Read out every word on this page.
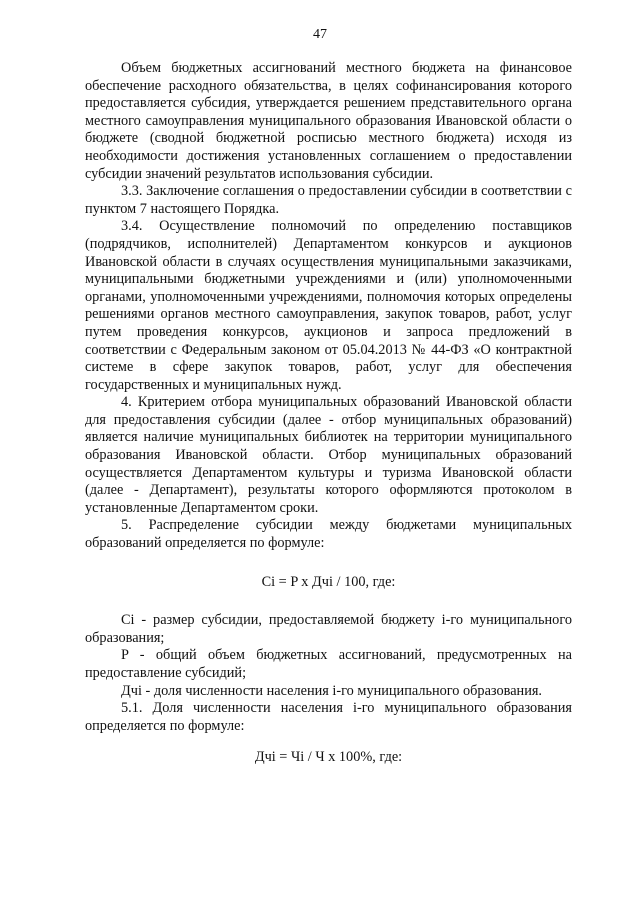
47

Объем бюджетных ассигнований местного бюджета на финансовое обеспечение расходного обязательства, в целях софинансирования которого предоставляется субсидия, утверждается решением представительного органа местного самоуправления муниципального образования Ивановской области о бюджете (сводной бюджетной росписью местного бюджета) исходя из необходимости достижения установленных соглашением о предоставлении субсидии значений результатов использования субсидии.

3.3. Заключение соглашения о предоставлении субсидии в соответствии с пунктом 7 настоящего Порядка.

3.4. Осуществление полномочий по определению поставщиков (подрядчиков, исполнителей) Департаментом конкурсов и аукционов Ивановской области в случаях осуществления муниципальными заказчиками, муниципальными бюджетными учреждениями и (или) уполномоченными органами, уполномоченными учреждениями, полномочия которых определены решениями органов местного самоуправления, закупок товаров, работ, услуг путем проведения конкурсов, аукционов и запроса предложений в соответствии с Федеральным законом от 05.04.2013 № 44-ФЗ «О контрактной системе в сфере закупок товаров, работ, услуг для обеспечения государственных и муниципальных нужд.

4. Критерием отбора муниципальных образований Ивановской области для предоставления субсидии (далее - отбор муниципальных образований) является наличие муниципальных библиотек на территории муниципального образования Ивановской области. Отбор муниципальных образований осуществляется Департаментом культуры и туризма Ивановской области (далее - Департамент), результаты которого оформляются протоколом в установленные Департаментом сроки.

5. Распределение субсидии между бюджетами муниципальных образований определяется по формуле:

Ci = P x Дчi / 100, где:

Ci - размер субсидии, предоставляемой бюджету i-го муниципального образования;

P - общий объем бюджетных ассигнований, предусмотренных на предоставление субсидий;

Дчi - доля численности населения i-го муниципального образования.

5.1. Доля численности населения i-го муниципального образования определяется по формуле:

Дчi = Чi / Ч x 100%, где:
